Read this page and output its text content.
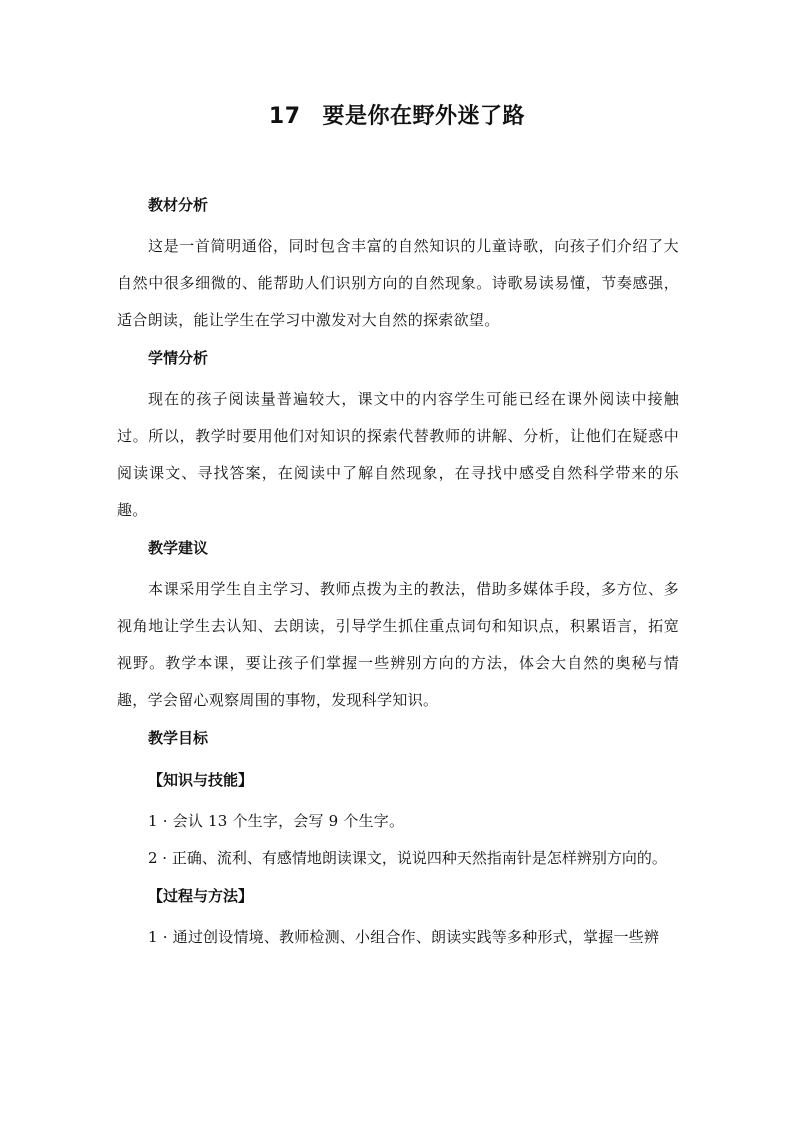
17 要是你在野外迷了路
教材分析
这是一首简明通俗，同时包含丰富的自然知识的儿童诗歌，向孩子们介绍了大自然中很多细微的、能帮助人们识别方向的自然现象。诗歌易读易懂，节奏感强，适合朗读，能让学生在学习中激发对大自然的探索欲望。
学情分析
现在的孩子阅读量普遍较大，课文中的内容学生可能已经在课外阅读中接触过。所以，教学时要用他们对知识的探索代替教师的讲解、分析，让他们在疑惑中阅读课文、寻找答案，在阅读中了解自然现象，在寻找中感受自然科学带来的乐趣。
教学建议
本课采用学生自主学习、教师点拨为主的教法，借助多媒体手段，多方位、多视角地让学生去认知、去朗读，引导学生抓住重点词句和知识点，积累语言，拓宽视野。教学本课，要让孩子们掌握一些辨别方向的方法，体会大自然的奥秘与情趣，学会留心观察周围的事物，发现科学知识。
教学目标
【知识与技能】
1 · 会认 13 个生字，会写 9 个生字。
2 · 正确、流利、有感情地朗读课文，说说四种天然指南针是怎样辨别方向的。
【过程与方法】
1 · 通过创设情境、教师检测、小组合作、朗读实践等多种形式，掌握一些辨
